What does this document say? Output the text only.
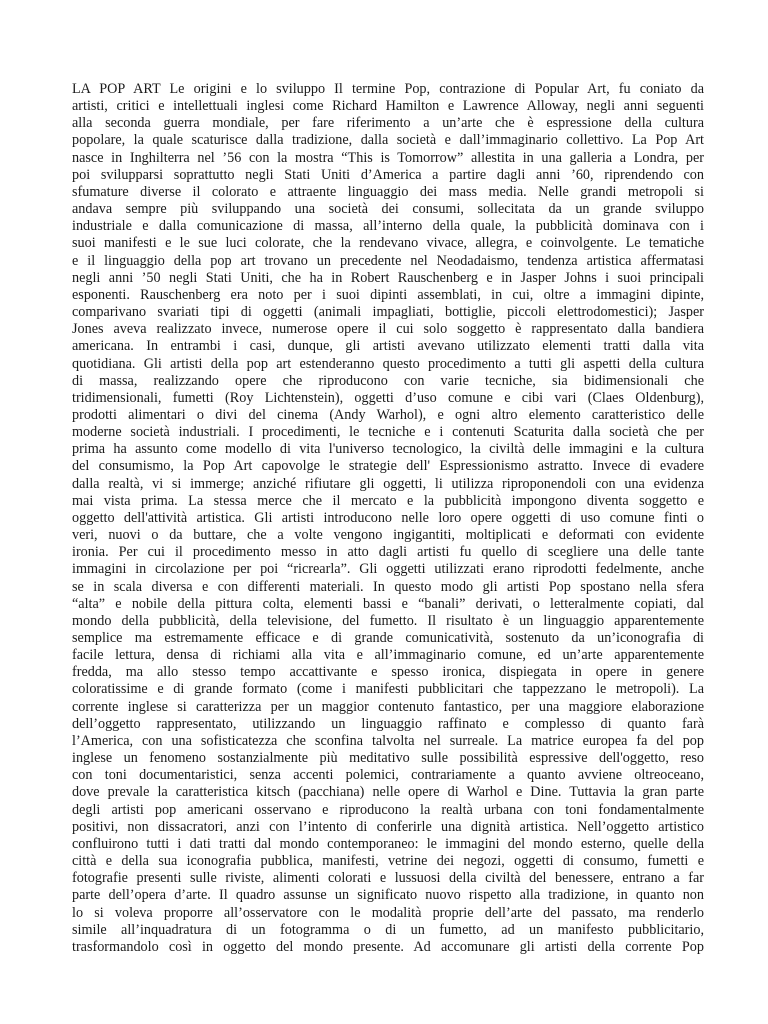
LA POP ART Le origini e lo sviluppo Il termine Pop, contrazione di Popular Art, fu coniato da
artisti, critici e intellettuali inglesi come Richard Hamilton e Lawrence Alloway, negli anni seguenti
alla seconda guerra mondiale, per fare riferimento a un’arte che è espressione della cultura
popolare, la quale scaturisce dalla tradizione, dalla società e dall’immaginario collettivo. La Pop Art
nasce in Inghilterra nel ’56 con la mostra “This is Tomorrow” allestita in una galleria a Londra, per
poi svilupparsi soprattutto negli Stati Uniti d’America a partire dagli anni ’60, riprendendo con
sfumature diverse il colorato e attraente linguaggio dei mass media. Nelle grandi metropoli si
andava sempre più sviluppando una società dei consumi, sollecitata da un grande sviluppo
industriale e dalla comunicazione di massa, all’interno della quale, la pubblicità dominava con i
suoi manifesti e le sue luci colorate, che la rendevano vivace, allegra, e coinvolgente. Le tematiche
e il linguaggio della pop art trovano un precedente nel Neodadaismo, tendenza artistica affermatasi
negli anni ’50 negli Stati Uniti, che ha in Robert Rauschenberg e in Jasper Johns i suoi principali
esponenti. Rauschenberg era noto per i suoi dipinti assemblati, in cui, oltre a immagini dipinte,
comparivano svariati tipi di oggetti (animali impagliati, bottiglie, piccoli elettrodomestici); Jasper
Jones aveva realizzato invece, numerose opere il cui solo soggetto è rappresentato dalla bandiera
americana. In entrambi i casi, dunque, gli artisti avevano utilizzato elementi tratti dalla vita
quotidiana. Gli artisti della pop art estenderanno questo procedimento a tutti gli aspetti della cultura
di massa, realizzando opere che riproducono con varie tecniche, sia bidimensionali che
tridimensionali, fumetti (Roy Lichtenstein), oggetti d’uso comune e cibi vari (Claes Oldenburg),
prodotti alimentari o divi del cinema (Andy Warhol), e ogni altro elemento caratteristico delle
moderne società industriali. I procedimenti, le tecniche e i contenuti Scaturita dalla società che per
prima ha assunto come modello di vita l'universo tecnologico, la civiltà delle immagini e la cultura
del consumismo, la Pop Art capovolge le strategie dell' Espressionismo astratto. Invece di evadere
dalla realtà, vi si immerge; anziché rifiutare gli oggetti, li utilizza riproponendoli con una evidenza
mai vista prima. La stessa merce che il mercato e la pubblicità impongono diventa soggetto e
oggetto dell'attività artistica. Gli artisti introducono nelle loro opere oggetti di uso comune finti o
veri, nuovi o da buttare, che a volte vengono ingigantiti, moltiplicati e deformati con evidente
ironia. Per cui il procedimento messo in atto dagli artisti fu quello di scegliere una delle tante
immagini in circolazione per poi “ricrearla”. Gli oggetti utilizzati erano riprodotti fedelmente, anche
se in scala diversa e con differenti materiali. In questo modo gli artisti Pop spostano nella sfera
“alta” e nobile della pittura colta, elementi bassi e “banali” derivati, o letteralmente copiati, dal
mondo della pubblicità, della televisione, del fumetto. Il risultato è un linguaggio apparentemente
semplice ma estremamente efficace e di grande comunicatività, sostenuto da un’iconografia di
facile lettura, densa di richiami alla vita e all’immaginario comune, ed un’arte apparentemente
fredda, ma allo stesso tempo accattivante e spesso ironica, dispiegata in opere in genere
coloratissime e di grande formato (come i manifesti pubblicitari che tappezzano le metropoli). La
corrente inglese si caratterizza per un maggior contenuto fantastico, per una maggiore elaborazione
dell’oggetto rappresentato, utilizzando un linguaggio raffinato e complesso di quanto farà
l’America, con una sofisticatezza che sconfina talvolta nel surreale. La matrice europea fa del pop
inglese un fenomeno sostanzialmente più meditativo sulle possibilità espressive dell'oggetto, reso
con toni documentaristici, senza accenti polemici, contrariamente a quanto avviene oltreoceano,
dove prevale la caratteristica kitsch (pacchiana) nelle opere di Warhol e Dine. Tuttavia la gran parte
degli artisti pop americani osservano e riproducono la realtà urbana con toni fondamentalmente
positivi, non dissacratori, anzi con l’intento di conferirle una dignità artistica. Nell’oggetto artistico
confluirono tutti i dati tratti dal mondo contemporaneo: le immagini del mondo esterno, quelle della
città e della sua iconografia pubblica, manifesti, vetrine dei negozi, oggetti di consumo, fumetti e
fotografie presenti sulle riviste, alimenti colorati e lussuosi della civiltà del benessere, entrano a far
parte dell’opera d’arte. Il quadro assunse un significato nuovo rispetto alla tradizione, in quanto non
lo si voleva proporre all’osservatore con le modalità proprie dell’arte del passato, ma renderlo
simile all’inquadratura di un fotogramma o di un fumetto, ad un manifesto pubblicitario,
trasformandolo così in oggetto del mondo presente. Ad accomunare gli artisti della corrente Pop
